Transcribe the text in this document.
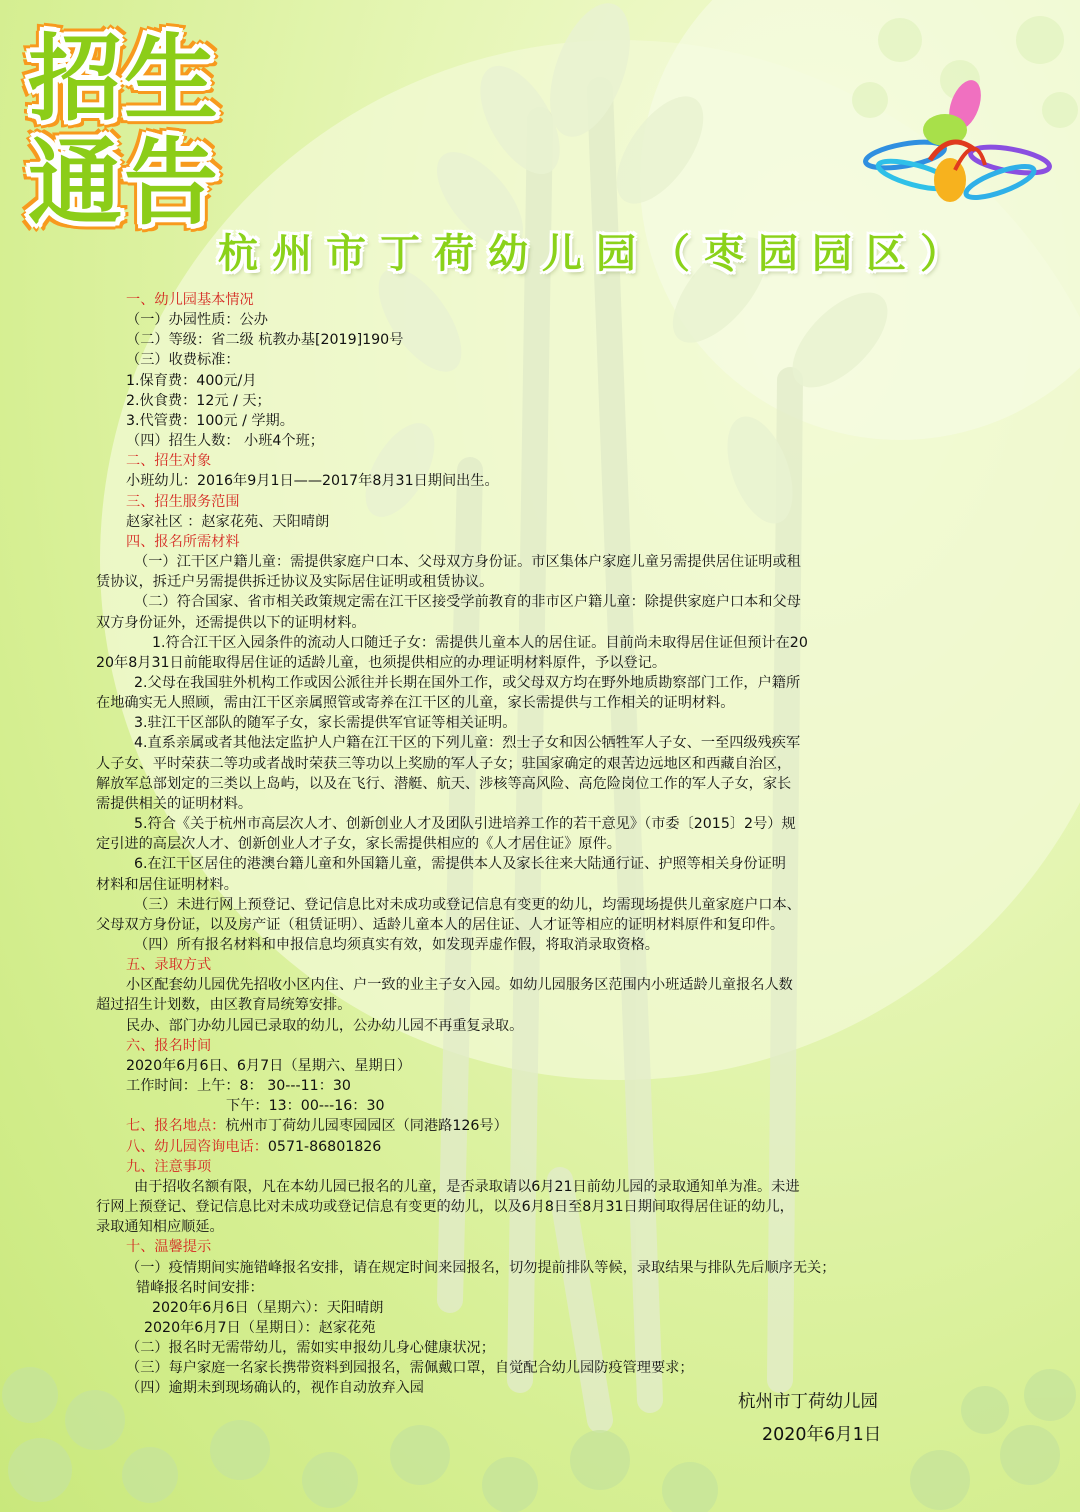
招生
通告
杭州市丁荷幼儿园（枣园园区）
一、幼儿园基本情况
（一）办园性质：公办
（二）等级：省二级 杭教办基[2019]190号
（三）收费标准：
1.保育费：400元/月
2.伙食费：12元 / 天；
3.代管费：100元 / 学期。
（四）招生人数： 小班4个班；
二、招生对象
小班幼儿：2016年9月1日——2017年8月31日期间出生。
三、招生服务范围
赵家社区 ：赵家花苑、天阳晴朗
四、报名所需材料
（一）江干区户籍儿童：需提供家庭户口本、父母双方身份证。市区集体户家庭儿童另需提供居住证明或租
赁协议，拆迁户另需提供拆迁协议及实际居住证明或租赁协议。
（二）符合国家、省市相关政策规定需在江干区接受学前教育的非市区户籍儿童：除提供家庭户口本和父母
双方身份证外，还需提供以下的证明材料。
1.符合江干区入园条件的流动人口随迁子女：需提供儿童本人的居住证。目前尚未取得居住证但预计在20
20年8月31日前能取得居住证的适龄儿童，也须提供相应的办理证明材料原件，予以登记。
2.父母在我国驻外机构工作或因公派往并长期在国外工作，或父母双方均在野外地质勘察部门工作，户籍所
在地确实无人照顾，需由江干区亲属照管或寄养在江干区的儿童，家长需提供与工作相关的证明材料。
3.驻江干区部队的随军子女，家长需提供军官证等相关证明。
4.直系亲属或者其他法定监护人户籍在江干区的下列儿童：烈士子女和因公牺牲军人子女、一至四级残疾军
人子女、平时荣获二等功或者战时荣获三等功以上奖励的军人子女；驻国家确定的艰苦边远地区和西藏自治区，
解放军总部划定的三类以上岛屿，以及在飞行、潜艇、航天、涉核等高风险、高危险岗位工作的军人子女，家长
需提供相关的证明材料。
5.符合《关于杭州市高层次人才、创新创业人才及团队引进培养工作的若干意见》（市委〔2015〕2号）规
定引进的高层次人才、创新创业人才子女，家长需提供相应的《人才居住证》原件。
6.在江干区居住的港澳台籍儿童和外国籍儿童，需提供本人及家长往来大陆通行证、护照等相关身份证明
材料和居住证明材料。
（三）未进行网上预登记、登记信息比对未成功或登记信息有变更的幼儿，均需现场提供儿童家庭户口本、
父母双方身份证，以及房产证（租赁证明）、适龄儿童本人的居住证、人才证等相应的证明材料原件和复印件。
（四）所有报名材料和申报信息均须真实有效，如发现弄虚作假，将取消录取资格。
五、录取方式
小区配套幼儿园优先招收小区内住、户一致的业主子女入园。如幼儿园服务区范围内小班适龄儿童报名人数
超过招生计划数，由区教育局统筹安排。
民办、部门办幼儿园已录取的幼儿，公办幼儿园不再重复录取。
六、报名时间
2020年6月6日、6月7日（星期六、星期日）
工作时间：上午：8： 30---11：30
下午：13：00---16：30
七、报名地点：杭州市丁荷幼儿园枣园园区（同港路126号）
八、幼儿园咨询电话：0571-86801826
九、注意事项
由于招收名额有限，凡在本幼儿园已报名的儿童，是否录取请以6月21日前幼儿园的录取通知单为准。未进
行网上预登记、登记信息比对未成功或登记信息有变更的幼儿，以及6月8日至8月31日期间取得居住证的幼儿，
录取通知相应顺延。
十、温馨提示
（一）疫情期间实施错峰报名安排，请在规定时间来园报名，切勿提前排队等候，录取结果与排队先后顺序无关；
错峰报名时间安排：
2020年6月6日（星期六）：天阳晴朗
2020年6月7日（星期日）：赵家花苑
（二）报名时无需带幼儿，需如实申报幼儿身心健康状况；
（三）每户家庭一名家长携带资料到园报名，需佩戴口罩，自觉配合幼儿园防疫管理要求；
（四）逾期未到现场确认的，视作自动放弃入园
杭州市丁荷幼儿园
2020年6月1日
